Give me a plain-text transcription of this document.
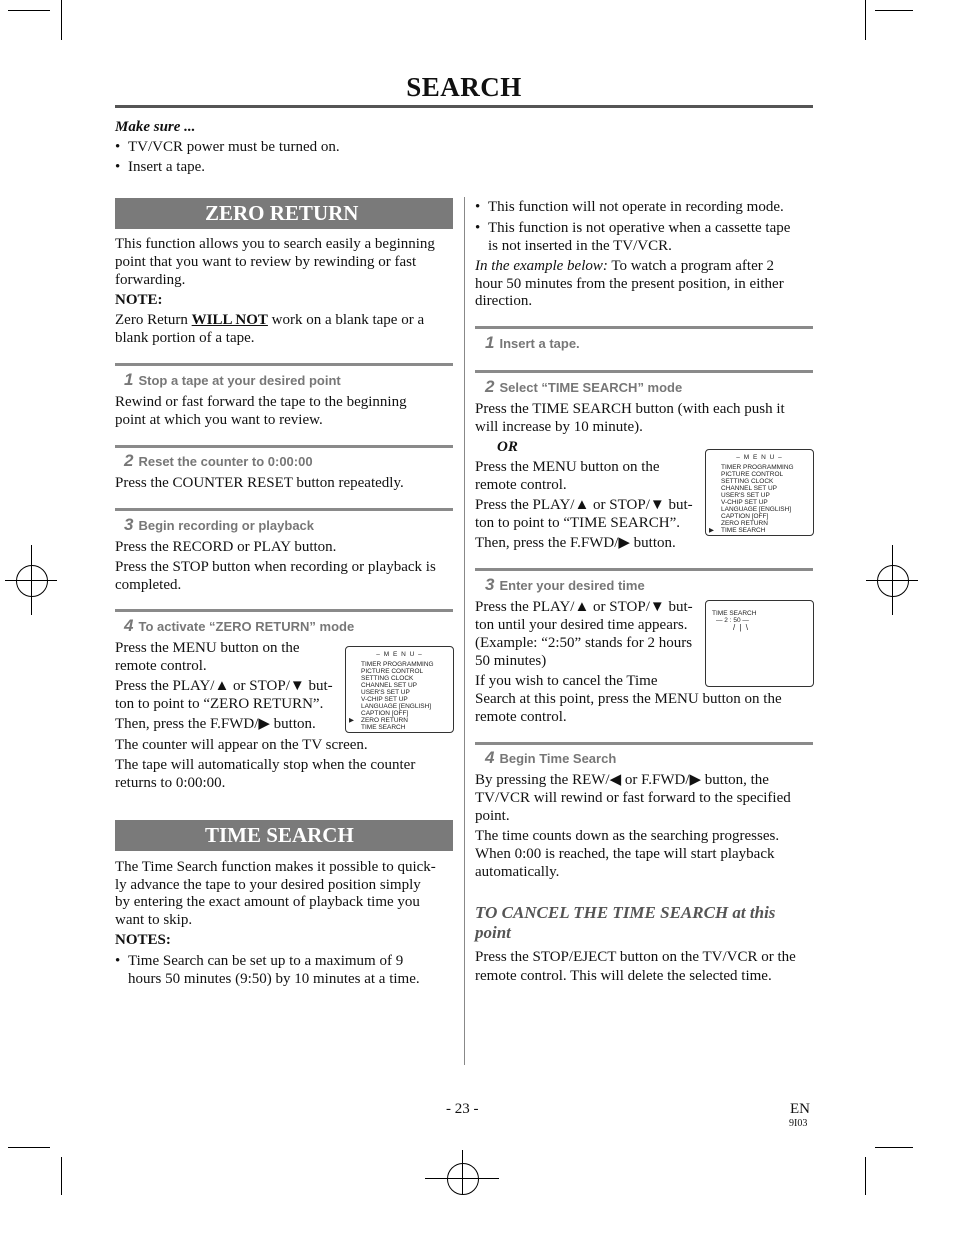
SEARCH
Make sure ...
• TV/VCR power must be turned on.
• Insert a tape.
ZERO RETURN
This function allows you to search easily a beginning
point that you want to review by rewinding or fast
forwarding.
NOTE:
Zero Return WILL NOT work on a blank tape or a
blank portion of a tape.
1 Stop a tape at your desired point
Rewind or fast forward the tape to the beginning
point at which you want to review.
2 Reset the counter to 0:00:00
Press the COUNTER RESET button repeatedly.
3 Begin recording or playback
Press the RECORD or PLAY button.
Press the STOP button when recording or playback is
completed.
4 To activate “ZERO RETURN” mode
Press the MENU button on the
remote control.
Press the PLAY/▲ or STOP/▼ but-
ton to point to “ZERO RETURN”.
Then, press the F.FWD/▶ button.
The counter will appear on the TV screen.
The tape will automatically stop when the counter
returns to 0:00:00.
– M E N U –
TIMER PROGRAMMING
PICTURE CONTROL
SETTING CLOCK
CHANNEL SET UP
USER'S SET UP
V-CHIP SET UP
LANGUAGE [ENGLISH]
CAPTION [OFF]
ZERO RETURN
TIME SEARCH
▶
TIME SEARCH
The Time Search function makes it possible to quick-
ly advance the tape to your desired position simply
by entering the exact amount of playback time you
want to skip.
NOTES:
• Time Search can be set up to a maximum of 9
hours 50 minutes (9:50) by 10 minutes at a time.
• This function will not operate in recording mode.
• This function is not operative when a cassette tape
is not inserted in the TV/VCR.
In the example below: To watch a program after 2
hour 50 minutes from the present position, in either
direction.
1 Insert a tape.
2 Select “TIME SEARCH” mode
Press the TIME SEARCH button (with each push it
will increase by 10 minute).
OR
Press the MENU button on the
remote control.
Press the PLAY/▲ or STOP/▼ but-
ton to point to “TIME SEARCH”.
Then, press the F.FWD/▶ button.
– M E N U –
TIMER PROGRAMMING
PICTURE CONTROL
SETTING CLOCK
CHANNEL SET UP
USER'S SET UP
V-CHIP SET UP
LANGUAGE [ENGLISH]
CAPTION [OFF]
ZERO RETURN
TIME SEARCH
▶
3 Enter your desired time
Press the PLAY/▲ or STOP/▼ but-
ton until your desired time appears.
(Example: “2:50” stands for 2 hours
50 minutes)
If you wish to cancel the Time
Search at this point, press the MENU button on the
remote control.
TIME SEARCH
— 2 : 50 —
/ | \
4 Begin Time Search
By pressing the REW/◀ or F.FWD/▶ button, the
TV/VCR will rewind or fast forward to the specified
point.
The time counts down as the searching progresses.
When 0:00 is reached, the tape will start playback
automatically.
TO CANCEL THE TIME SEARCH at this
point
Press the STOP/EJECT button on the TV/VCR or the
remote control. This will delete the selected time.
- 23 -	EN
9I03
